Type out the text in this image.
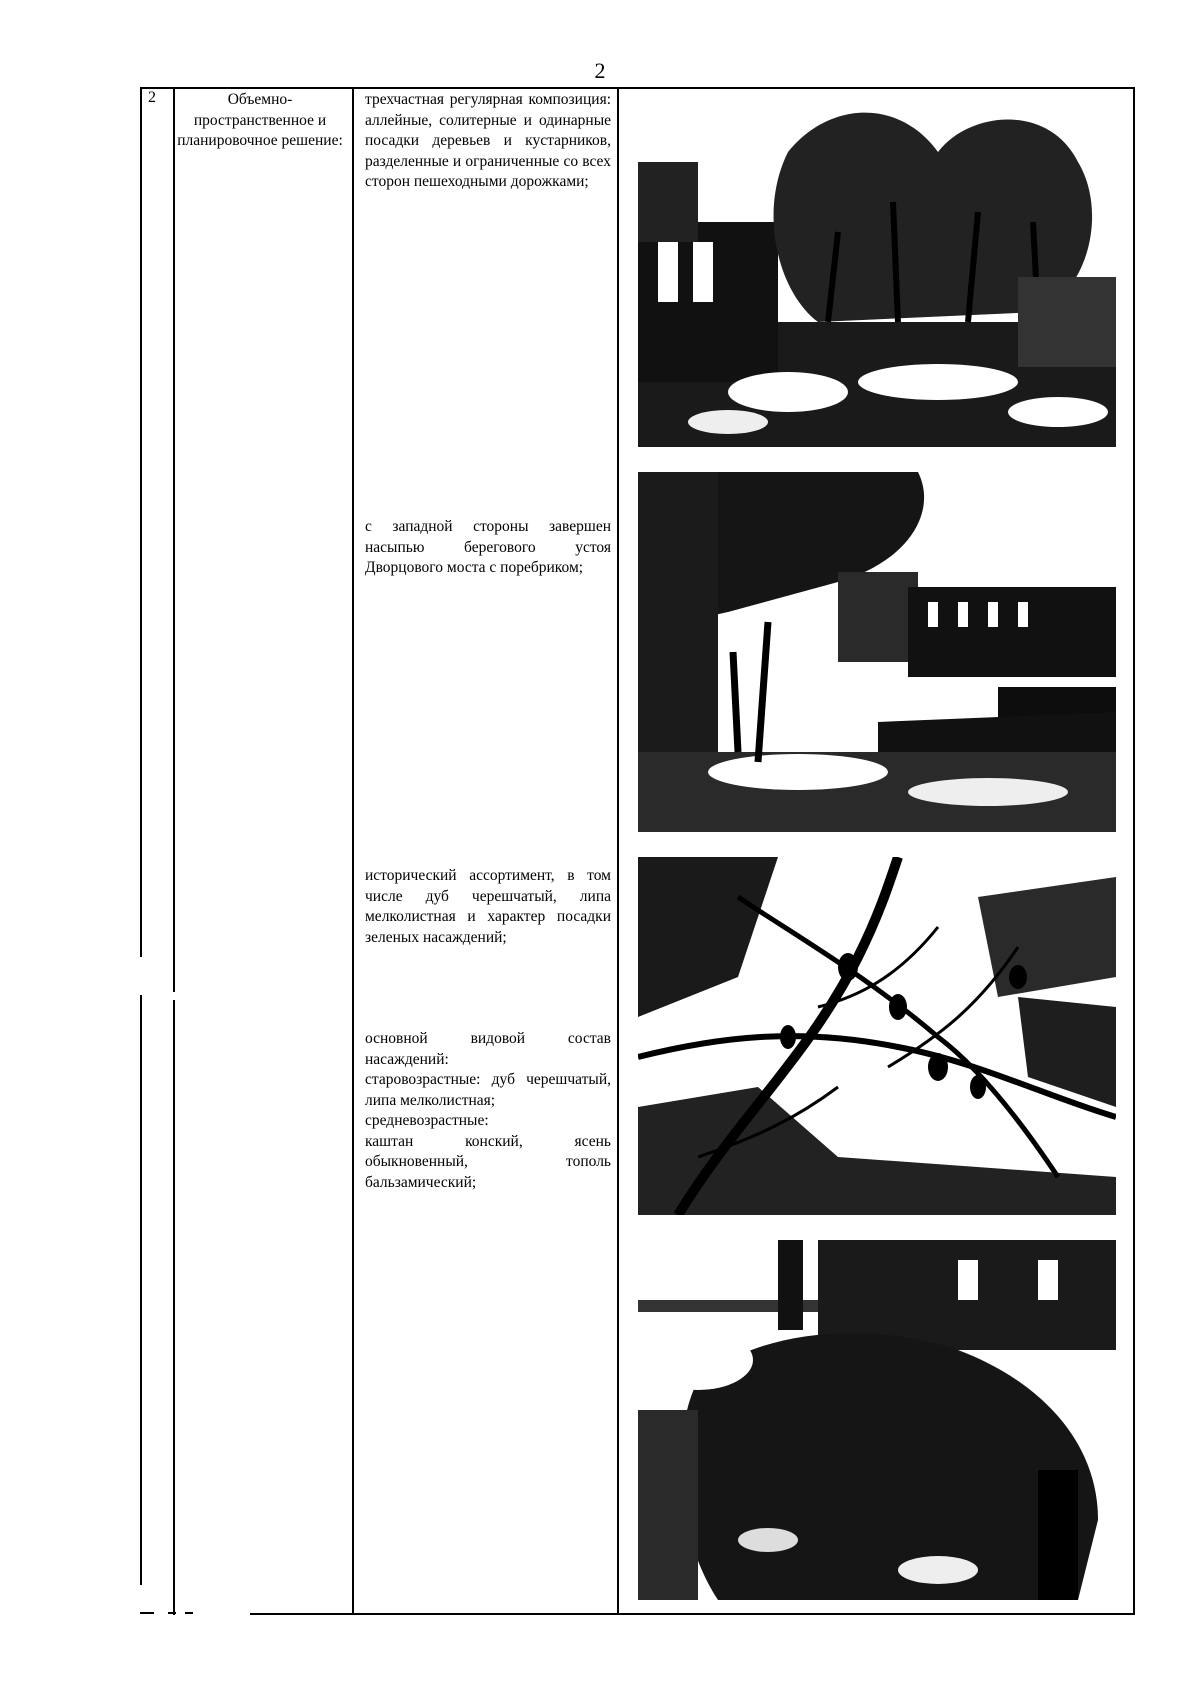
2
2	Объемно-пространственное и планировочное решение:
трехчастная регулярная композиция: аллейные, солитерные и одинарные посадки деревьев и кустарников, разделенные и ограниченные со всех сторон пешеходными дорожками;
с западной стороны завершен насыпью берегового устоя Дворцового моста с поребриком;
исторический ассортимент, в том числе дуб черешчатый, липа мелколистная и характер посадки зеленых насаждений;

основной видовой состав насаждений:

старовозрастные: дуб черешчатый, липа мелколистная;

средневозрастные:

каштан конский, ясень обыкновенный, тополь бальзамический;
